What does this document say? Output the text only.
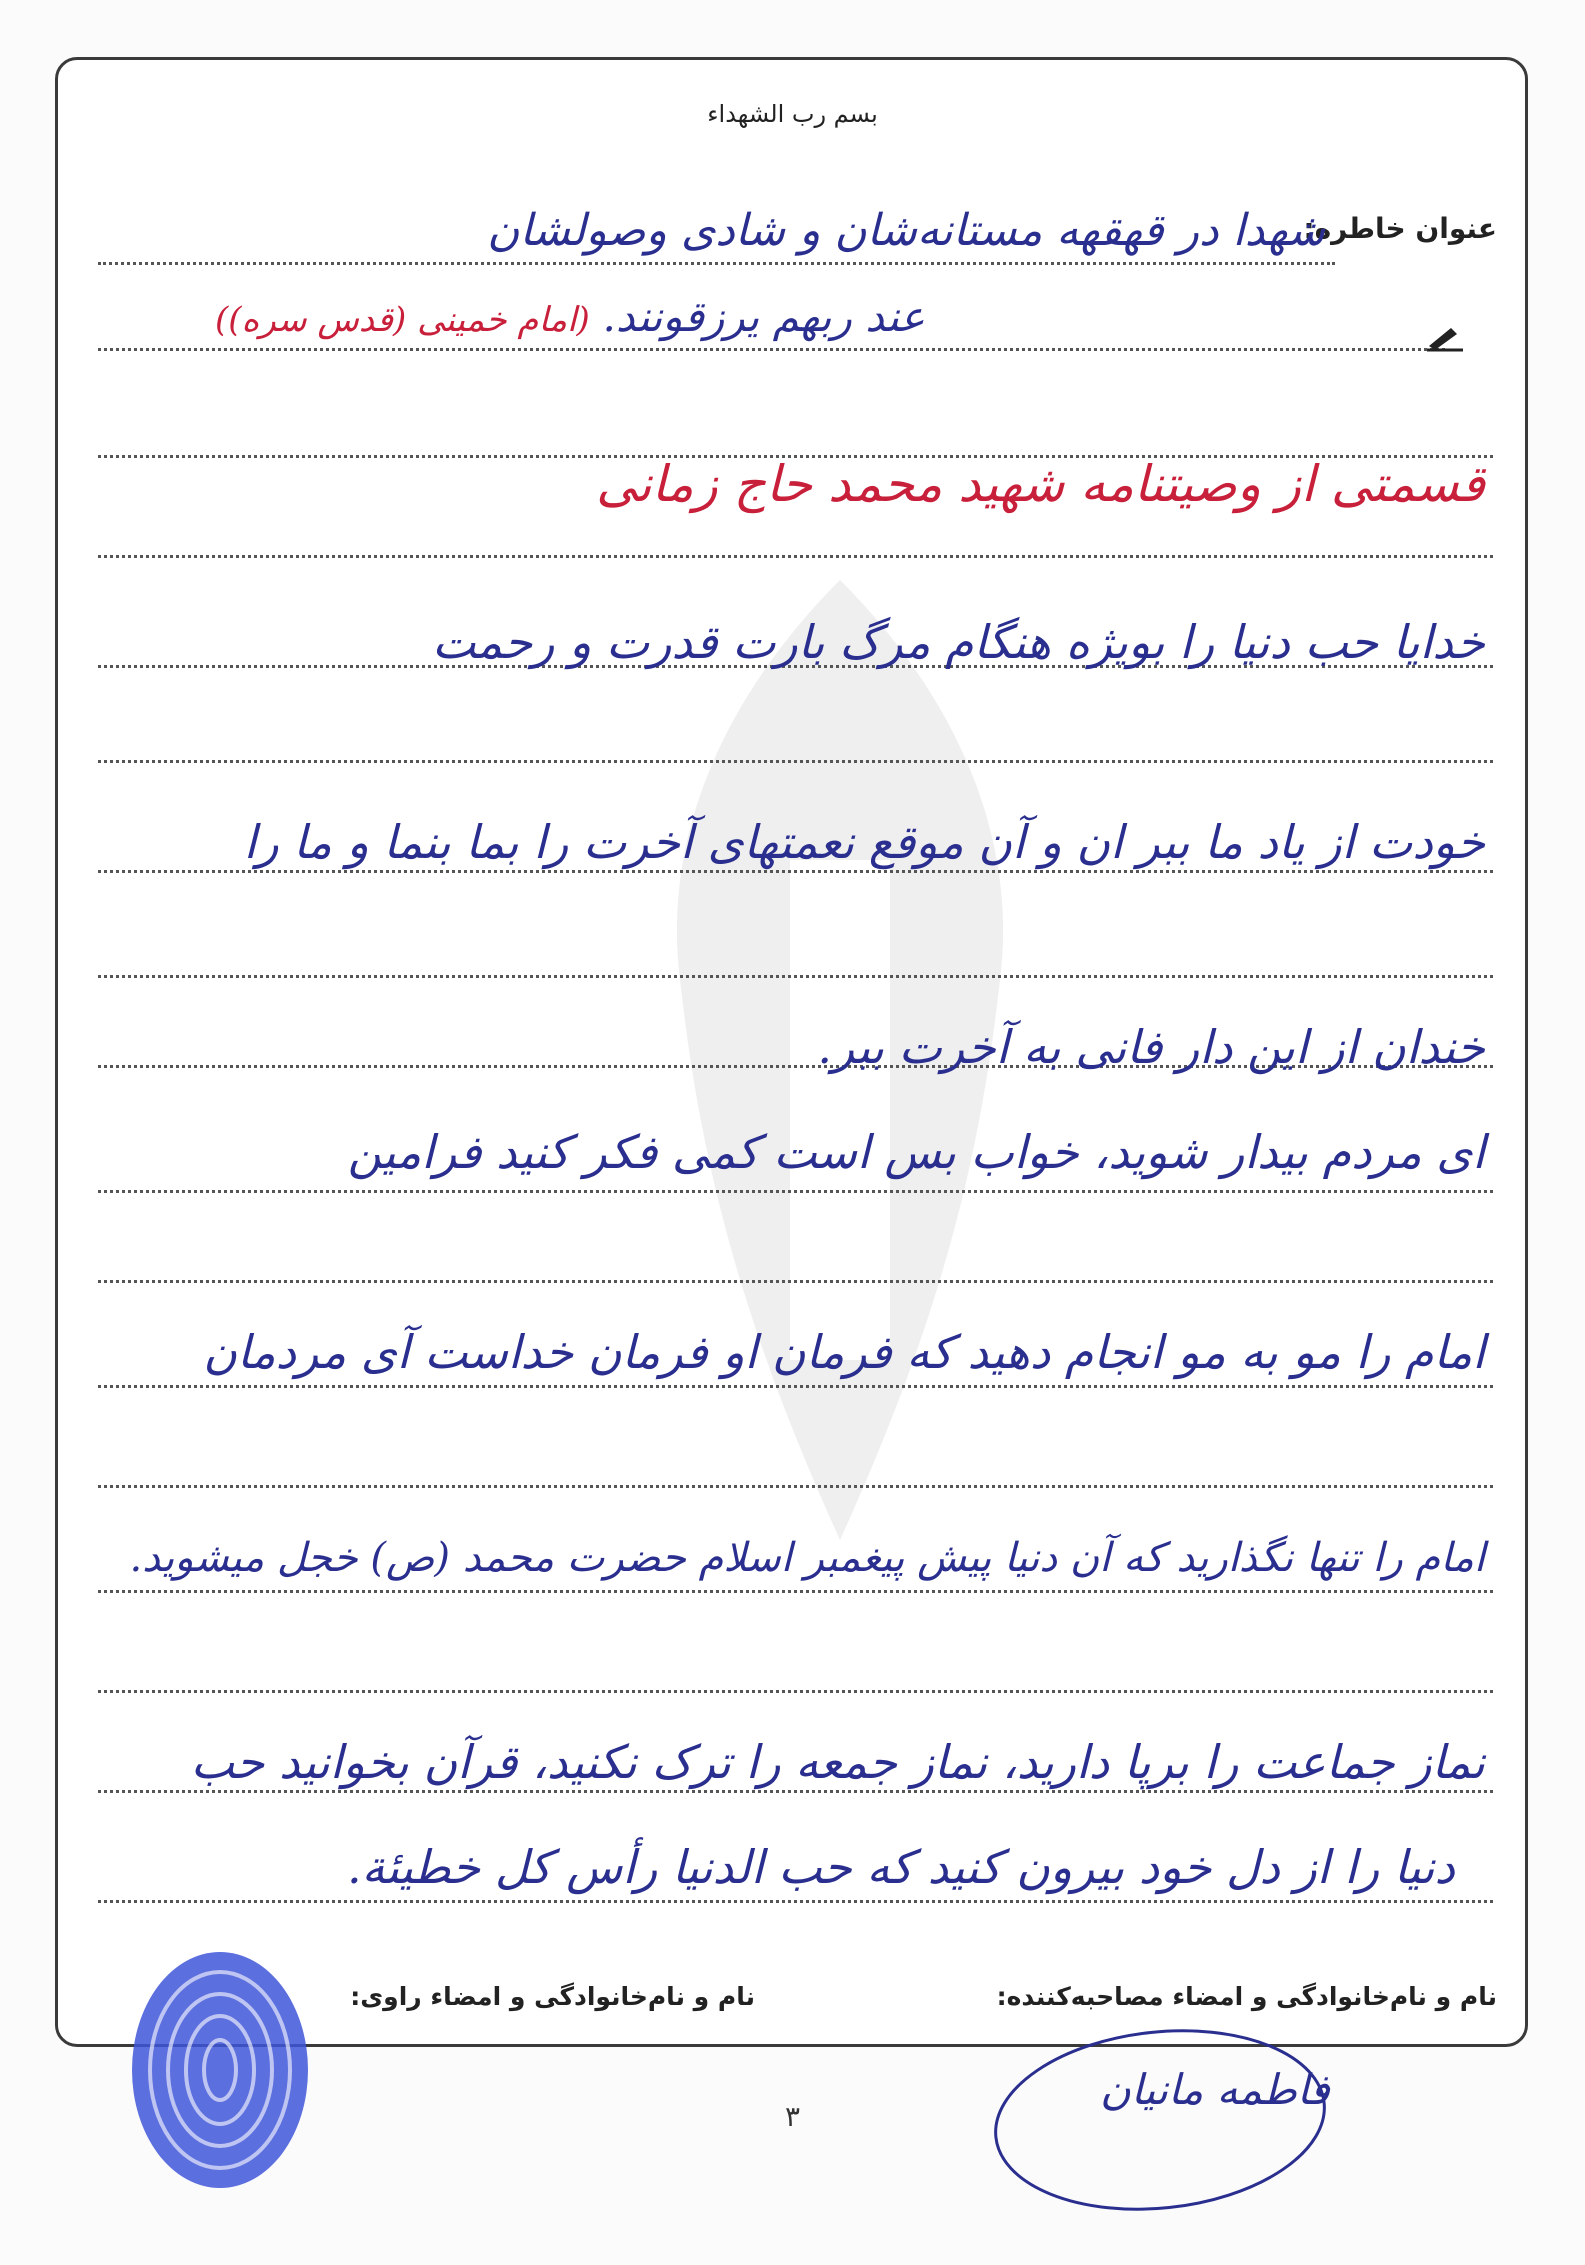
بسم رب الشهداء
عنوان خاطره:
شهدا در قهقهه مستانه‌شان و شادی وصولشان
عند ربهم یرزقونند.
(امام خمینی (قدس سره))
قسمتی از وصیتنامه شهید محمد حاج زمانی
خدایا حب دنیا را بویژه هنگام مرگ بارت قدرت و رحمت
خودت از یاد ما ببر ان و آن موقع نعمتهای آخرت را بما بنما و ما را
خندان از این دار فانی به آخرت ببر.
ای مردم بیدار شوید، خواب بس است کمی فکر کنید فرامین
امام را مو به مو انجام دهید که فرمان او فرمان خداست آی مردمان
امام را تنها نگذارید که آن دنیا پیش پیغمبر اسلام حضرت محمد (ص) خجل میشوید.
نماز جماعت را برپا دارید، نماز جمعه را ترک نکنید، قرآن بخوانید حب
دنیا را از دل خود بیرون کنید که حب الدنیا رأس کل خطیئة.
نام و نام‌خانوادگی و امضاء مصاحبه‌کننده:
نام و نام‌خانوادگی و امضاء راوی:
فاطمه مانیان
۳
